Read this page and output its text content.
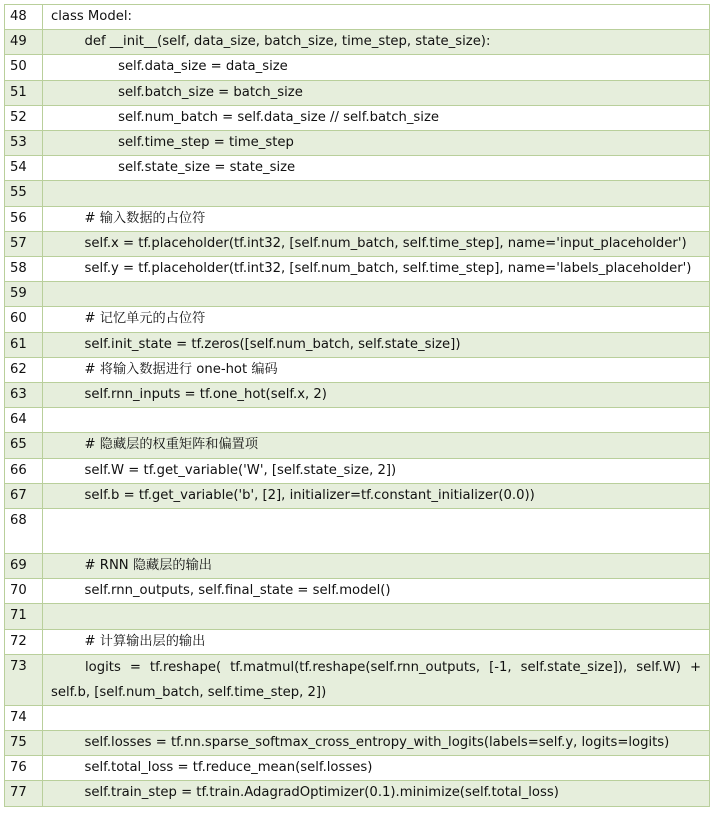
48	class Model:
49	def __init__(self, data_size, batch_size, time_step, state_size):
50	self.data_size = data_size
51	self.batch_size = batch_size
52	self.num_batch = self.data_size // self.batch_size
53	self.time_step = time_step
54	self.state_size = state_size
55	
56	# 输入数据的占位符
57	self.x = tf.placeholder(tf.int32, [self.num_batch, self.time_step], name='input_placeholder')
58	self.y = tf.placeholder(tf.int32, [self.num_batch, self.time_step], name='labels_placeholder')
59	
60	# 记忆单元的占位符
61	self.init_state = tf.zeros([self.num_batch, self.state_size])
62	# 将输入数据进行 one-hot 编码
63	self.rnn_inputs = tf.one_hot(self.x, 2)
64	
65	# 隐藏层的权重矩阵和偏置项
66	self.W = tf.get_variable('W', [self.state_size, 2])
67	self.b = tf.get_variable('b', [2], initializer=tf.constant_initializer(0.0))
68	
69	# RNN 隐藏层的输出
70	self.rnn_outputs, self.final_state = self.model()
71	
72	# 计算输出层的输出
73	logits = tf.reshape( tf.matmul(tf.reshape(self.rnn_outputs, [-1, self.state_size]), self.W) + self.b, [self.num_batch, self.time_step, 2])
74	
75	self.losses = tf.nn.sparse_softmax_cross_entropy_with_logits(labels=self.y, logits=logits)
76	self.total_loss = tf.reduce_mean(self.losses)
77	self.train_step = tf.train.AdagradOptimizer(0.1).minimize(self.total_loss)
